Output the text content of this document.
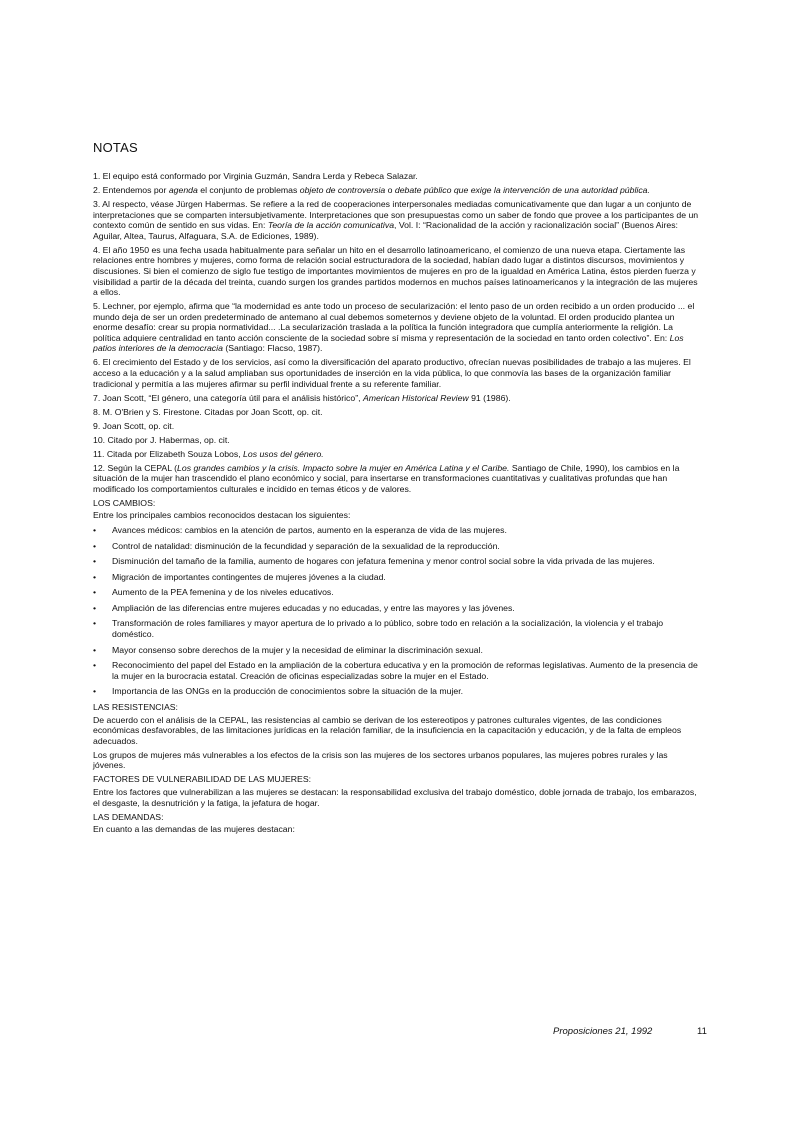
NOTAS

1. El equipo está conformado por Virginia Guzmán, Sandra Lerda y Rebeca Salazar.

2. Entendemos por agenda el conjunto de problemas objeto de controversia o debate público que exige la intervención de una autoridad pública.

3. Al respecto, véase Jürgen Habermas. Se refiere a la red de cooperaciones interpersonales mediadas comunicativamente que dan lugar a un conjunto de interpretaciones que se comparten intersubjetivamente. Interpretaciones que son presupuestas como un saber de fondo que provee a los participantes de un contexto común de sentido en sus vidas. En: Teoría de la acción comunicativa, Vol. I: “Racionalidad de la acción y racionalización social” (Buenos Aires: Aguilar, Altea, Taurus, Alfaguara, S.A. de Ediciones, 1989).

4. El año 1950 es una fecha usada habitualmente para señalar un hito en el desarrollo latinoamericano, el comienzo de una nueva etapa. Ciertamente las relaciones entre hombres y mujeres, como forma de relación social estructuradora de la sociedad, habían dado lugar a distintos discursos, movimientos y discusiones. Si bien el comienzo de siglo fue testigo de importantes movimientos de mujeres en pro de la igualdad en América Latina, éstos pierden fuerza y visibilidad a partir de la década del treinta, cuando surgen los grandes partidos modernos en muchos países latinoamericanos y la integración de las mujeres a ellos.

5. Lechner, por ejemplo, afirma que “la modernidad es ante todo un proceso de secularización: el lento paso de un orden recibido a un orden producido ... el mundo deja de ser un orden predeterminado de antemano al cual debemos someternos y deviene objeto de la voluntad. El orden producido plantea un enorme desafío: crear su propia normatividad... .La secularización traslada a la política la función integradora que cumplía anteriormente la religión. La política adquiere centralidad en tanto acción consciente de la sociedad sobre sí misma y representación de la sociedad en tanto orden colectivo”. En: Los patios interiores de la democracia (Santiago: Flacso, 1987).

6. El crecimiento del Estado y de los servicios, así como la diversificación del aparato productivo, ofrecían nuevas posibilidades de trabajo a las mujeres. El acceso a la educación y a la salud ampliaban sus oportunidades de inserción en la vida pública, lo que conmovía las bases de la organización familiar tradicional y permitía a las mujeres afirmar su perfil individual frente a su referente familiar.

7. Joan Scott, “El género, una categoría útil para el análisis histórico”, American Historical Review 91 (1986).

8. M. O'Brien y S. Firestone. Citadas por Joan Scott, op. cit.

9. Joan Scott, op. cit.

10. Citado por J. Habermas, op. cit.

11. Citada por Elizabeth Souza Lobos, Los usos del género.

12. Según la CEPAL (Los grandes cambios y la crisis. Impacto sobre la mujer en América Latina y el Caribe. Santiago de Chile, 1990), los cambios en la situación de la mujer han trascendido el plano económico y social, para insertarse en transformaciones cuantitativas y cualitativas profundas que han modificado los comportamientos culturales e incidido en temas éticos y de valores.

LOS CAMBIOS:
Entre los principales cambios reconocidos destacan los siguientes:
• Avances médicos: cambios en la atención de partos, aumento en la esperanza de vida de las mujeres.
• Control de natalidad: disminución de la fecundidad y separación de la sexualidad de la reproducción.
• Disminución del tamaño de la familia, aumento de hogares con jefatura femenina y menor control social sobre la vida privada de las mujeres.
• Migración de importantes contingentes de mujeres jóvenes a la ciudad.
• Aumento de la PEA femenina y de los niveles educativos.
• Ampliación de las diferencias entre mujeres educadas y no educadas, y entre las mayores y las jóvenes.
• Transformación de roles familiares y mayor apertura de lo privado a lo público, sobre todo en relación a la socialización, la violencia y el trabajo doméstico.
• Mayor consenso sobre derechos de la mujer y la necesidad de eliminar la discriminación sexual.
• Reconocimiento del papel del Estado en la ampliación de la cobertura educativa y en la promoción de reformas legislativas. Aumento de la presencia de la mujer en la burocracia estatal. Creación de oficinas especializadas sobre la mujer en el Estado.
• Importancia de las ONGs en la producción de conocimientos sobre la situación de la mujer.
LAS RESISTENCIAS:

De acuerdo con el análisis de la CEPAL, las resistencias al cambio se derivan de los estereotipos y patrones culturales vigentes, de las condiciones económicas desfavorables, de las limitaciones jurídicas en la relación familiar, de la insuficiencia en la capacitación y educación, y de la falta de empleos adecuados.

Los grupos de mujeres más vulnerables a los efectos de la crisis son las mujeres de los sectores urbanos populares, las mujeres pobres rurales y las jóvenes.

FACTORES DE VULNERABILIDAD DE LAS MUJERES:

Entre los factores que vulnerabilizan a las mujeres se destacan: la responsabilidad exclusiva del trabajo doméstico, doble jornada de trabajo, los embarazos, el desgaste, la desnutrición y la fatiga, la jefatura de hogar.

LAS DEMANDAS:

En cuanto a las demandas de las mujeres destacan:

Proposiciones 21, 1992	11
